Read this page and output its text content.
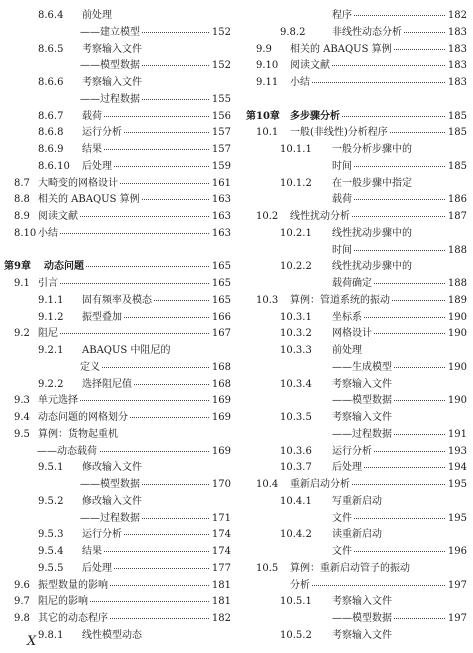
8.6.4 前处理
——建立模型	152
8.6.5 考察输入文件
——模型数据	152
8.6.6 考察输入文件
——过程数据	155
8.6.7 载荷	156
8.6.8 运行分析	157
8.6.9 结果	157
8.6.10 后处理	159
8.7 大畸变的网格设计	161
8.8 相关的 ABAQUS 算例	163
8.9 阅读文献	163
8.10 小结	163
第9章 动态问题	165
9.1 引言	165
9.1.1 固有频率及模态	165
9.1.2 振型叠加	166
9.2 阻尼	167
9.2.1 ABAQUS 中阻尼的
定义	168
9.2.2 选择阻尼值	168
9.3 单元选择	169
9.4 动态问题的网格划分	169
9.5 算例：货物起重机
——动态载荷	169
9.5.1 修改输入文件
——模型数据	170
9.5.2 修改输入文件
——过程数据	171
9.5.3 运行分析	174
9.5.4 结果	174
9.5.5 后处理	177
9.6 振型数量的影响	181
9.7 阻尼的影响	181
9.8 其它的动态程序	182
9.8.1 线性模型动态
程序	182
9.8.2	非线性动态分析	183
9.9 相关的 ABAQUS 算例	183
9.10 阅读文献	183
9.11 小结	183
第10章 多步骤分析	185
10.1 一般(非线性)分析程序	185
10.1.1 一般分析步骤中的
时间	185
10.1.2 在一般步骤中指定
载荷	186
10.2 线性扰动分析	187
10.2.1 线性扰动步骤中的
时间	188
10.2.2 线性扰动步骤中的
载荷确定	188
10.3 算例：管道系统的振动	189
10.3.1 坐标系	190
10.3.2 网格设计	190
10.3.3 前处理
——生成模型	190
10.3.4 考察输入文件
——模型数据	190
10.3.5 考察输入文件
——过程数据	191
10.3.6 运行分析	193
10.3.7 后处理	194
10.4 重新启动分析	195
10.4.1 写重新启动
文件	195
10.4.2 读重新启动
文件	196
10.5 算例：重新启动管子的振动
分析	197
10.5.1 考察输入文件
——模型数据	197
10.5.2 考察输入文件
X
